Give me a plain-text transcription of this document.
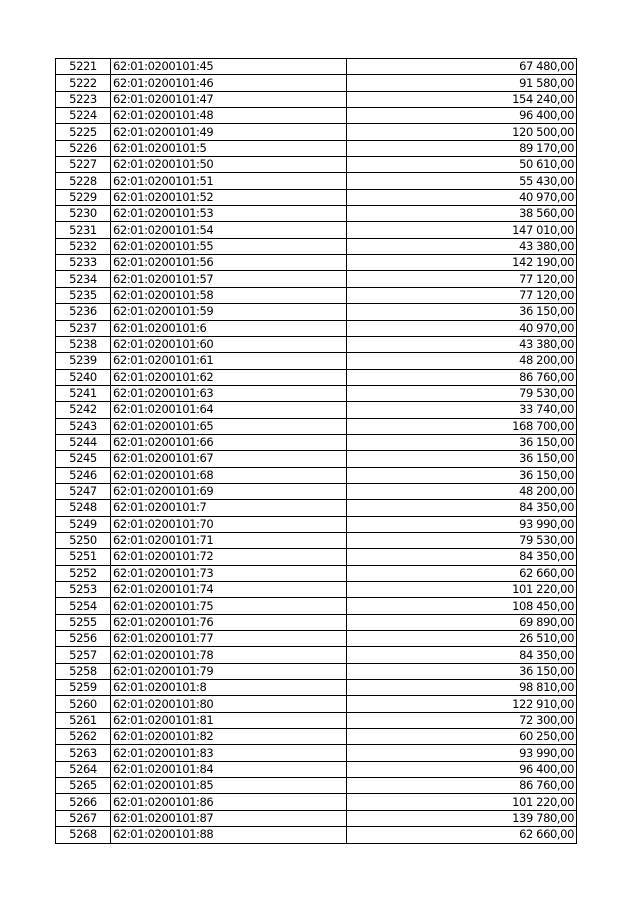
5221	62:01:0200101:45	67 480,00
5222	62:01:0200101:46	91 580,00
5223	62:01:0200101:47	154 240,00
5224	62:01:0200101:48	96 400,00
5225	62:01:0200101:49	120 500,00
5226	62:01:0200101:5	89 170,00
5227	62:01:0200101:50	50 610,00
5228	62:01:0200101:51	55 430,00
5229	62:01:0200101:52	40 970,00
5230	62:01:0200101:53	38 560,00
5231	62:01:0200101:54	147 010,00
5232	62:01:0200101:55	43 380,00
5233	62:01:0200101:56	142 190,00
5234	62:01:0200101:57	77 120,00
5235	62:01:0200101:58	77 120,00
5236	62:01:0200101:59	36 150,00
5237	62:01:0200101:6	40 970,00
5238	62:01:0200101:60	43 380,00
5239	62:01:0200101:61	48 200,00
5240	62:01:0200101:62	86 760,00
5241	62:01:0200101:63	79 530,00
5242	62:01:0200101:64	33 740,00
5243	62:01:0200101:65	168 700,00
5244	62:01:0200101:66	36 150,00
5245	62:01:0200101:67	36 150,00
5246	62:01:0200101:68	36 150,00
5247	62:01:0200101:69	48 200,00
5248	62:01:0200101:7	84 350,00
5249	62:01:0200101:70	93 990,00
5250	62:01:0200101:71	79 530,00
5251	62:01:0200101:72	84 350,00
5252	62:01:0200101:73	62 660,00
5253	62:01:0200101:74	101 220,00
5254	62:01:0200101:75	108 450,00
5255	62:01:0200101:76	69 890,00
5256	62:01:0200101:77	26 510,00
5257	62:01:0200101:78	84 350,00
5258	62:01:0200101:79	36 150,00
5259	62:01:0200101:8	98 810,00
5260	62:01:0200101:80	122 910,00
5261	62:01:0200101:81	72 300,00
5262	62:01:0200101:82	60 250,00
5263	62:01:0200101:83	93 990,00
5264	62:01:0200101:84	96 400,00
5265	62:01:0200101:85	86 760,00
5266	62:01:0200101:86	101 220,00
5267	62:01:0200101:87	139 780,00
5268	62:01:0200101:88	62 660,00
